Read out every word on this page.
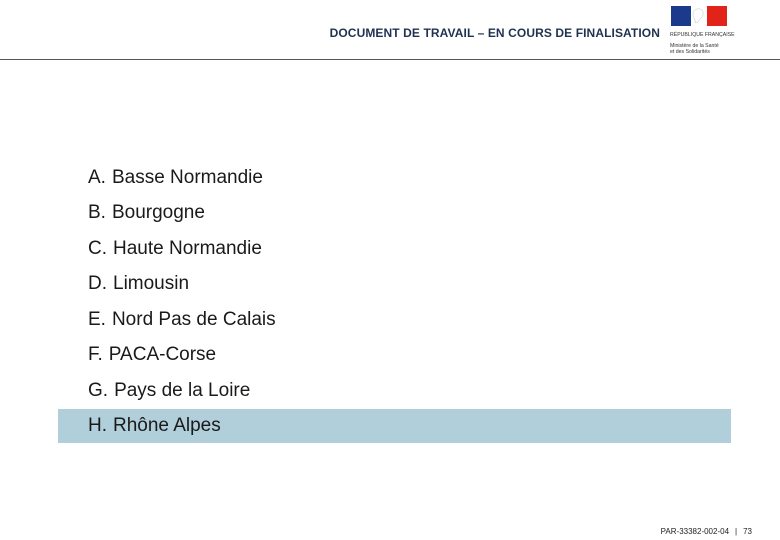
DOCUMENT DE TRAVAIL – EN COURS DE FINALISATION RÉPUBLIQUE FRANÇAISE
Ministère de la Santé
et des Solidarités
A. Basse Normandie
B. Bourgogne
C. Haute Normandie
D. Limousin
E. Nord Pas de Calais
F. PACA-Corse
G. Pays de la Loire
H. Rhône Alpes
PAR-33382-002-04 | 73
